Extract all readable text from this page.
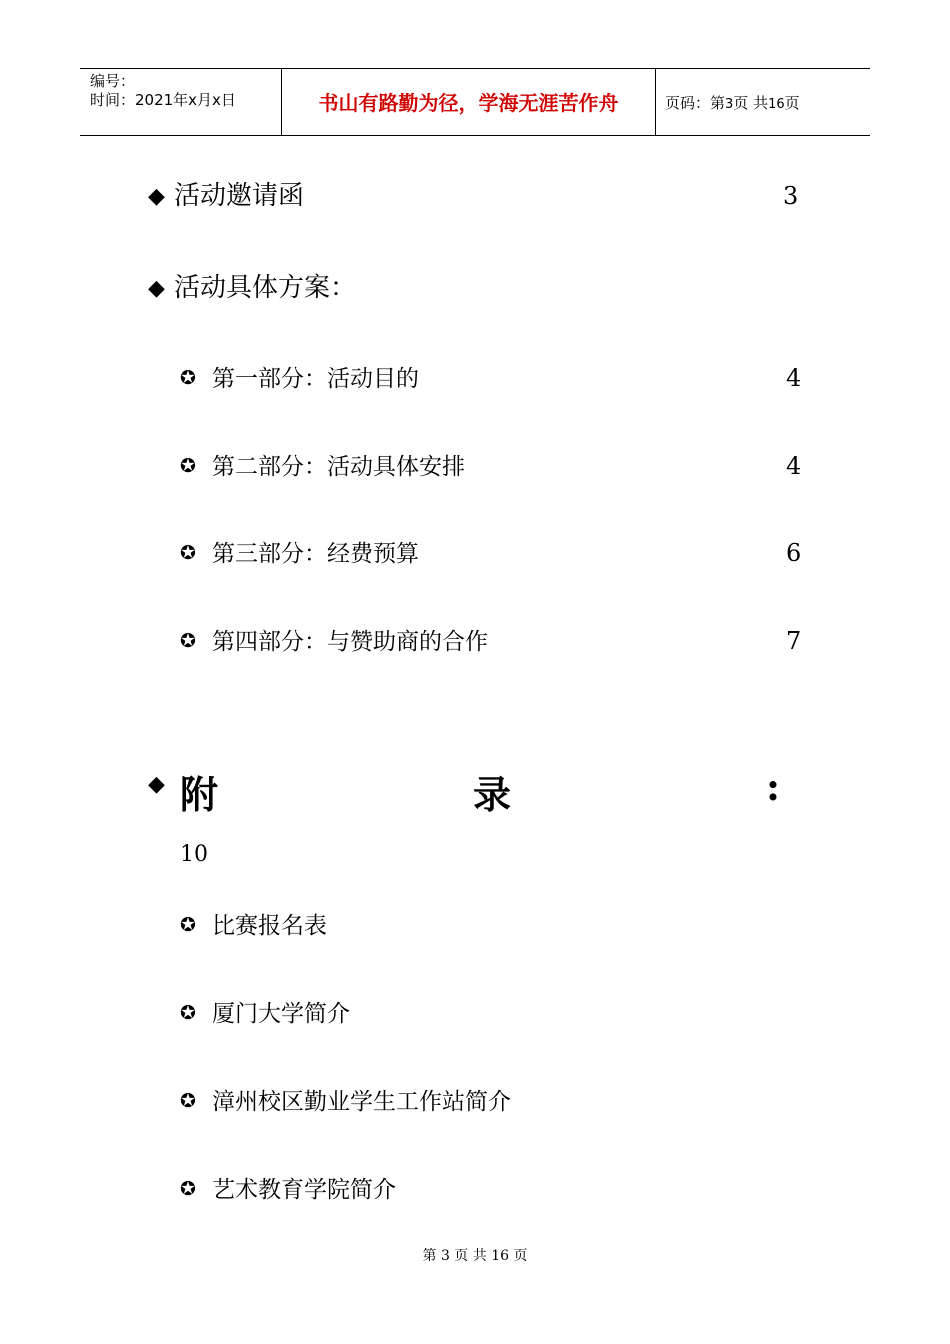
编号：
时间：2021年x月x日	书山有路勤为径，学海无涯苦作舟	页码：第3页 共16页
◆ 活动邀请函	3
◆ 活动具体方案：
✪ 第一部分：活动目的	4
✪ 第二部分：活动具体安排	4
✪ 第三部分：经费预算	6
✪ 第四部分：与赞助商的合作	7
◆ 附	录	:
10
✪ 比赛报名表
✪ 厦门大学简介
✪ 漳州校区勤业学生工作站简介
✪ 艺术教育学院简介
第 3 页 共 16 页
